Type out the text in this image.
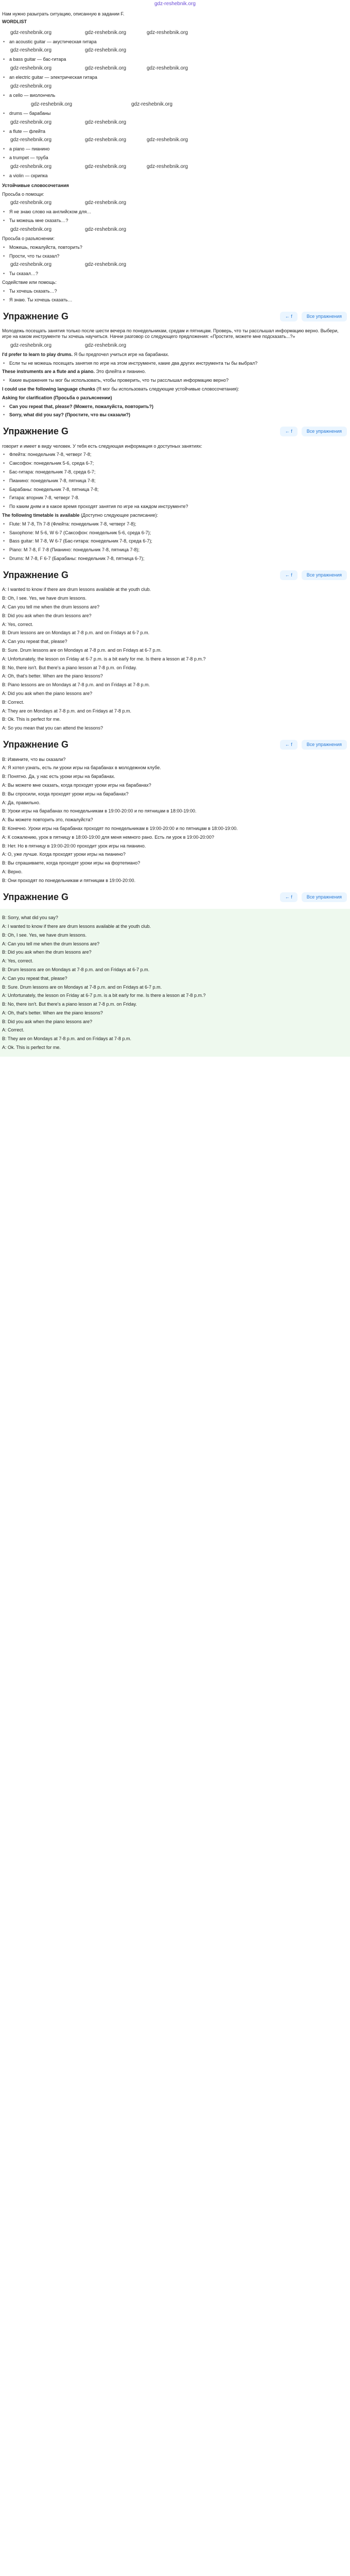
gdz-reshebnik.org
Нам нужно разыграть ситуацию, описанную в задании F.
WORDLIST
gdz-reshebnik.org	gdz-reshebnik.org	gdz-reshebnik.org
• an acoustic guitar — акустическая гитара
gdz-reshebnik.org	gdz-reshebnik.org
• a bass guitar — бас-гитара
gdz-reshebnik.org	gdz-reshebnik.org	gdz-reshebnik.org
• an electric guitar — электрическая гитара
gdz-reshebnik.org
• a cello — виолончель
gdz-reshebnik.org	gdz-reshebnik.org
• drums — барабаны
gdz-reshebnik.org	gdz-reshebnik.org
• a flute — флейта
gdz-reshebnik.org	gdz-reshebnik.org	gdz-reshebnik.org
• a piano — пианино
• a trumpet — труба
gdz-reshebnik.org	gdz-reshebnik.org	gdz-reshebnik.org
• a violin — скрипка
Устойчивые словосочетания
Просьба о помощи:
gdz-reshebnik.org	gdz-reshebnik.org
• Я не знаю слово на английском для…
• Ты можешь мне сказать…?
gdz-reshebnik.org	gdz-reshebnik.org
Просьба о разъяснении:
• Можешь, пожалуйста, повторить?
• Прости, что ты сказал?
gdz-reshebnik.org	gdz-reshebnik.org
• Ты сказал…?
Содействие или помощь:
• Ты хочешь сказать…?
• Я знаю. Ты хочешь сказать…
Упражнение G	← f	Все упражнения
Молодежь посещать занятия только после шести вечера по понедельникам, средам и пятницам. Проверь, что ты расслышал информацию верно. Выбери, игре на каком инструменте ты хочешь научиться. Начни разговор со следующего предложения: «Простите, можете мне подсказать...?»
gdz-reshebnik.org	gdz-reshebnik.org
I'd prefer to learn to play drums. Я бы предпочел учиться игре на барабанах.
• Если ты не можешь посещать занятия по игре на этом инструменте, какие два других инструмента ты бы выбрал?
These instruments are a flute and a piano. Это флейта и пианино.
• Какие выражения ты мог бы использовать, чтобы проверить, что ты расслышал информацию верно?
I could use the following language chunks (Я мог бы использовать следующие устойчивые словосочетания):
Asking for clarification (Просьба о разъяснении)
• Can you repeat that, please? (Можете, пожалуйста, повторить?)
• Sorry, what did you say? (Простите, что вы сказали?)
Упражнение G	← f	Все упражнения
говорит и имеет в виду человек. У тебя есть следующая информация о доступных занятиях:
• Флейта: понедельник 7-8, четверг 7-8;
• Саксофон: понедельник 5-6, среда 6-7;
• Бас-гитара: понедельник 7-8, среда 6-7;
• Пианино: понедельник 7-8, пятница 7-8;
• Барабаны: понедельник 7-8, пятница 7-8;
• Гитара: вторник 7-8, четверг 7-8.
• По каким дням и в какое время проходят занятия по игре на каждом инструменте?
The following timetable is available (Доступно следующее расписание):
• Flute: M 7-8, Th 7-8 (Флейта: понедельник 7-8, четверг 7-8);
• Saxophone: M 5-6, W 6-7 (Саксофон: понедельник 5-6, среда 6-7);
• Bass guitar: M 7-8, W 6-7 (Бас-гитара: понедельник 7-8, среда 6-7);
• Piano: M 7-8, F 7-8 (Пианино: понедельник 7-8, пятница 7-8);
• Drums: M 7-8, F 6-7 (Барабаны: понедельник 7-8, пятница 6-7);
Упражнение G	← f	Все упражнения
A: I wanted to know if there are drum lessons available at the youth club.
B: Oh, I see. Yes, we have drum lessons.
A: Can you tell me when the drum lessons are?
B: Did you ask when the drum lessons are?
A: Yes, correct.
B: Drum lessons are on Mondays at 7-8 p.m. and on Fridays at 6-7 p.m.
A: Can you repeat that, please?
B: Sure. Drum lessons are on Mondays at 7-8 p.m. and on Fridays at 6-7 p.m.
A: Unfortunately, the lesson on Friday at 6-7 p.m. is a bit early for me. Is there a lesson at 7-8 p.m.?
B: No, there isn't. But there's a piano lesson at 7-8 p.m. on Friday.
A: Oh, that's better. When are the piano lessons?
B: Piano lessons are on Mondays at 7-8 p.m. and on Fridays at 7-8 p.m.
A: Did you ask when the piano lessons are?
B: Correct.
A: They are on Mondays at 7-8 p.m. and on Fridays at 7-8 p.m.
B: Ok. This is perfect for me.
A: So you mean that you can attend the lessons?
Упражнение G	← f	Все упражнения
B: Извините, что вы сказали?
A: Я хотел узнать, есть ли уроки игры на барабанах в молодежном клубе.
B: Понятно. Да, у нас есть уроки игры на барабанах.
A: Вы можете мне сказать, когда проходят уроки игры на барабанах?
B: Вы спросили, когда проходят уроки игры на барабанах?
A: Да, правильно.
B: Уроки игры на барабанах по понедельникам в 19:00-20:00 и по пятницам в 18:00-19:00.
A: Вы можете повторить это, пожалуйста?
B: Конечно. Уроки игры на барабанах проходят по понедельникам в 19:00-20:00 и по пятницам в 18:00-19:00.
A: К сожалению, урок в пятницу в 18:00-19:00 для меня немного рано. Есть ли урок в 19:00-20:00?
B: Нет. Но в пятницу в 19:00-20:00 проходит урок игры на пианино.
A: О, уже лучше. Когда проходят уроки игры на пианино?
B: Вы спрашиваете, когда проходят уроки игры на фортепиано?
A: Верно.
B: Они проходят по понедельникам и пятницам в 19:00-20:00.
Упражнение G	← f	Все упражнения
B: Sorry, what did you say?
A: I wanted to know if there are drum lessons available at the youth club.
B: Oh, I see. Yes, we have drum lessons.
A: Can you tell me when the drum lessons are?
B: Did you ask when the drum lessons are?
A: Yes, correct.
B: Drum lessons are on Mondays at 7-8 p.m. and on Fridays at 6-7 p.m.
A: Can you repeat that, please?
B: Sure. Drum lessons are on Mondays at 7-8 p.m. and on Fridays at 6-7 p.m.
A: Unfortunately, the lesson on Friday at 6-7 p.m. is a bit early for me. Is there a lesson at 7-8 p.m.?
B: No, there isn't. But there's a piano lesson at 7-8 p.m. on Friday.
A: Oh, that's better. When are the piano lessons?
B: Did you ask when the piano lessons are?
A: Correct.
B: They are on Mondays at 7-8 p.m. and on Fridays at 7-8 p.m.
A: Ok. This is perfect for me.
